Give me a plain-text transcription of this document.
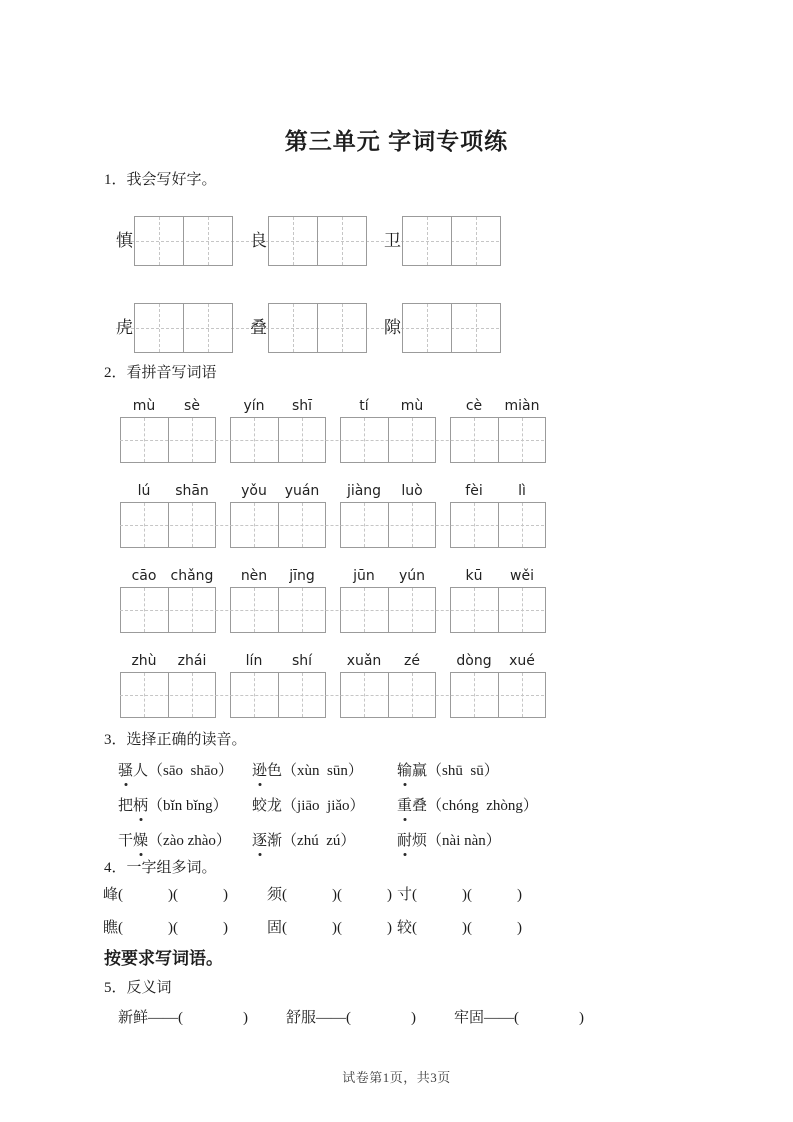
第三单元 字词专项练
1．我会写好字。
慎	良	卫
虎	叠	隙
2．看拼音写词语
mù	sè	yín	shī	tí	mù	cè	miàn
lú	shān	yǒu	yuán	jiàng	luò	fèi	lì
cāo	chǎng	nèn	jīng	jūn	yún	kū	wěi
zhù	zhái	lín	shí	xuǎn	zé	dòng	xué
3．选择正确的读音。
骚 人 （sāo  shāo） 逊 色 （xùn  sūn） 输 赢 （shū  sū）
把 柄 （bǐn bǐng） 蛟 龙 （jiāo  jiǎo） 重 叠 （chóng  zhòng）
干 燥 （zào zhào） 逐 渐 （zhú  zú）	耐 烦 （nài nàn）
4．一字组多词。
峰(　　　)(　　　)	须(　　　)(　　　) 寸(　　　)(　　　)
瞧(　　　)(　　　)	固(　　　)(　　　) 较(　　　)(　　　)
按要求写词语。
5．反义词
新鲜——(　　　　)	舒服——(　　　　)	牢固——(　　　　)
试卷第1页，共3页
